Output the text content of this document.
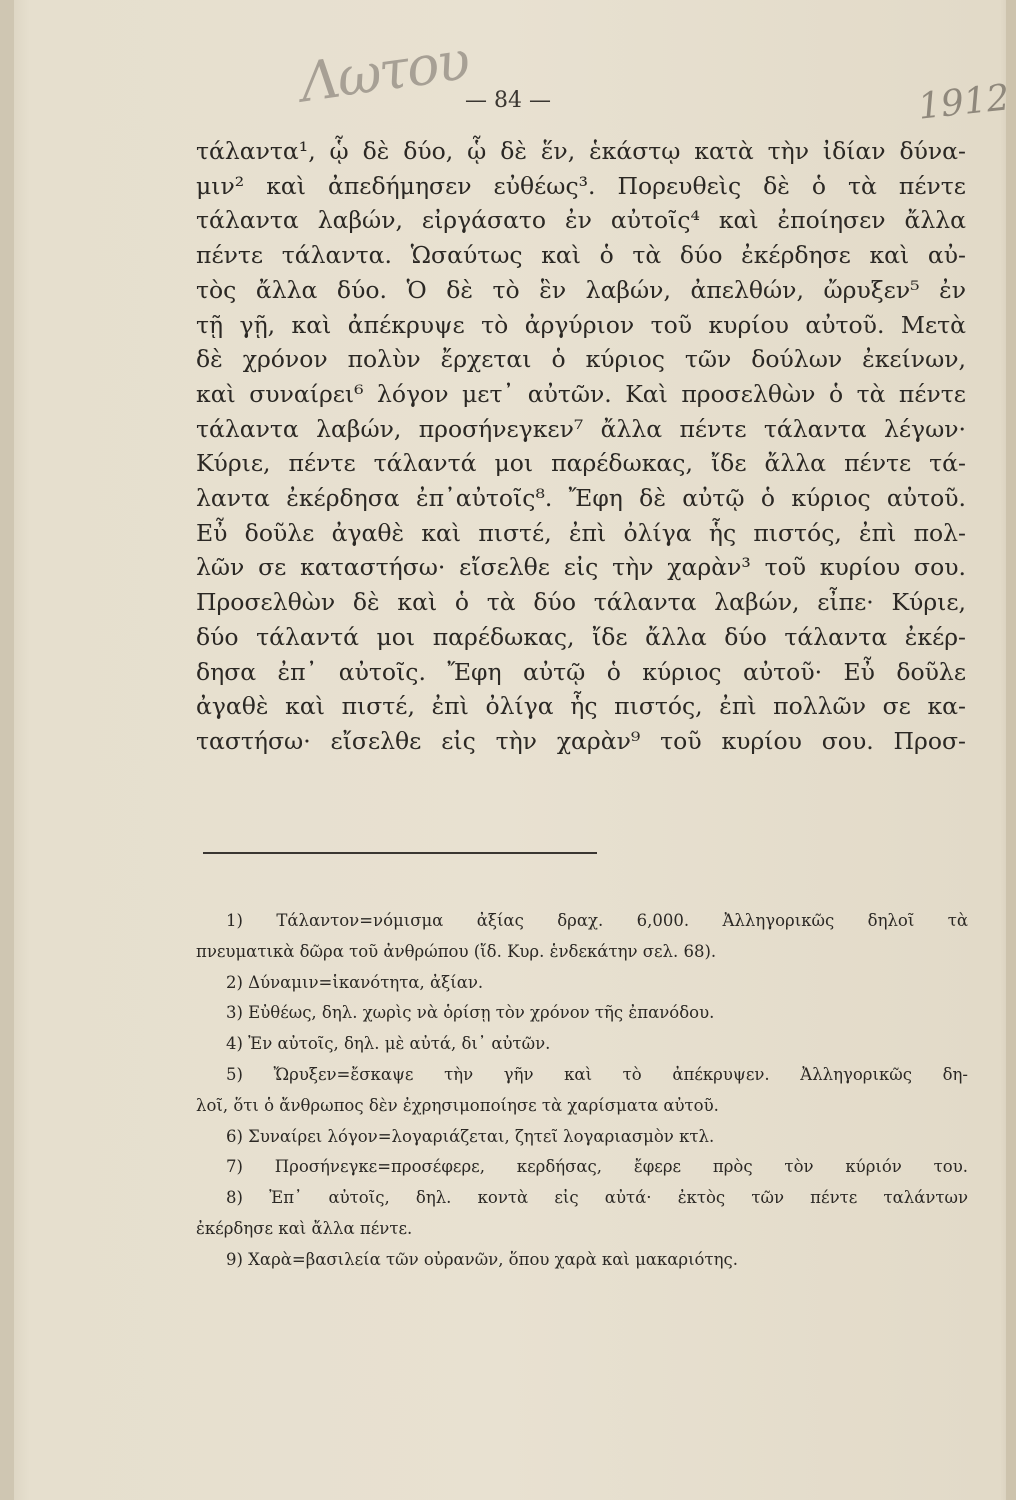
Λωτου	1912
— 84 —
τάλαντα¹, ᾧ δὲ δύο, ᾧ δὲ ἕν, ἑκάστῳ κατὰ τὴν ἰδίαν δύνα-
μιν² καὶ ἀπεδήμησεν εὐθέως³. Πορευθεὶς δὲ ὁ τὰ πέντε
τάλαντα λαβών, εἰργάσατο ἐν αὐτοῖς⁴ καὶ ἐποίησεν ἄλλα
πέντε τάλαντα. Ὡσαύτως καὶ ὁ τὰ δύο ἐκέρδησε καὶ αὐ-
τὸς ἄλλα δύο. Ὁ δὲ τὸ ἓν λαβών, ἀπελθών, ὤρυξεν⁵ ἐν
τῇ γῇ, καὶ ἀπέκρυψε τὸ ἀργύριον τοῦ κυρίου αὐτοῦ. Μετὰ
δὲ χρόνον πολὺν ἔρχεται ὁ κύριος τῶν δούλων ἐκείνων,
καὶ συναίρει⁶ λόγον μετ᾽ αὐτῶν. Καὶ προσελθὼν ὁ τὰ πέντε
τάλαντα λαβών, προσήνεγκεν⁷ ἄλλα πέντε τάλαντα λέγων·
Κύριε, πέντε τάλαντά μοι παρέδωκας, ἴδε ἄλλα πέντε τά-
λαντα ἐκέρδησα ἐπ᾽αὐτοῖς⁸. Ἔφη δὲ αὐτῷ ὁ κύριος αὐτοῦ.
Εὖ δοῦλε ἀγαθὲ καὶ πιστέ, ἐπὶ ὀλίγα ἧς πιστός, ἐπὶ πολ-
λῶν σε καταστήσω· εἴσελθε εἰς τὴν χαρὰν³ τοῦ κυρίου σου.
Προσελθὼν δὲ καὶ ὁ τὰ δύο τάλαντα λαβών, εἶπε· Κύριε,
δύο τάλαντά μοι παρέδωκας, ἴδε ἄλλα δύο τάλαντα ἐκέρ-
δησα ἐπ᾽ αὐτοῖς. Ἔφη αὐτῷ ὁ κύριος αὐτοῦ· Εὖ δοῦλε
ἀγαθὲ καὶ πιστέ, ἐπὶ ὀλίγα ἧς πιστός, ἐπὶ πολλῶν σε κα-
ταστήσω· εἴσελθε εἰς τὴν χαρὰν⁹ τοῦ κυρίου σου. Προσ-
1) Τάλαντον=νόμισμα ἀξίας δραχ. 6,000. Ἀλληγορικῶς δηλοῖ τὰ
πνευματικὰ δῶρα τοῦ ἀνθρώπου (ἴδ. Κυρ. ἑνδεκάτην σελ. 68).
2) Δύναμιν=ἱκανότητα, ἀξίαν.
3) Εὐθέως, δηλ. χωρὶς νὰ ὁρίσῃ τὸν χρόνον τῆς ἐπανόδου.
4) Ἐν αὐτοῖς, δηλ. μὲ αὐτά, δι᾽ αὐτῶν.
5) Ὤρυξεν=ἔσκαψε τὴν γῆν καὶ τὸ ἀπέκρυψεν. Ἀλληγορικῶς δη-
λοῖ, ὅτι ὁ ἄνθρωπος δὲν ἐχρησιμοποίησε τὰ χαρίσματα αὐτοῦ.
6) Συναίρει λόγον=λογαριάζεται, ζητεῖ λογαριασμὸν κτλ.
7) Προσήνεγκε=προσέφερε, κερδήσας, ἔφερε πρὸς τὸν κύριόν του.
8) Ἐπ᾽ αὐτοῖς, δηλ. κοντὰ εἰς αὐτά· ἐκτὸς τῶν πέντε ταλάντων
ἐκέρδησε καὶ ἄλλα πέντε.
9) Χαρὰ=βασιλεία τῶν οὐρανῶν, ὅπου χαρὰ καὶ μακαριότης.
